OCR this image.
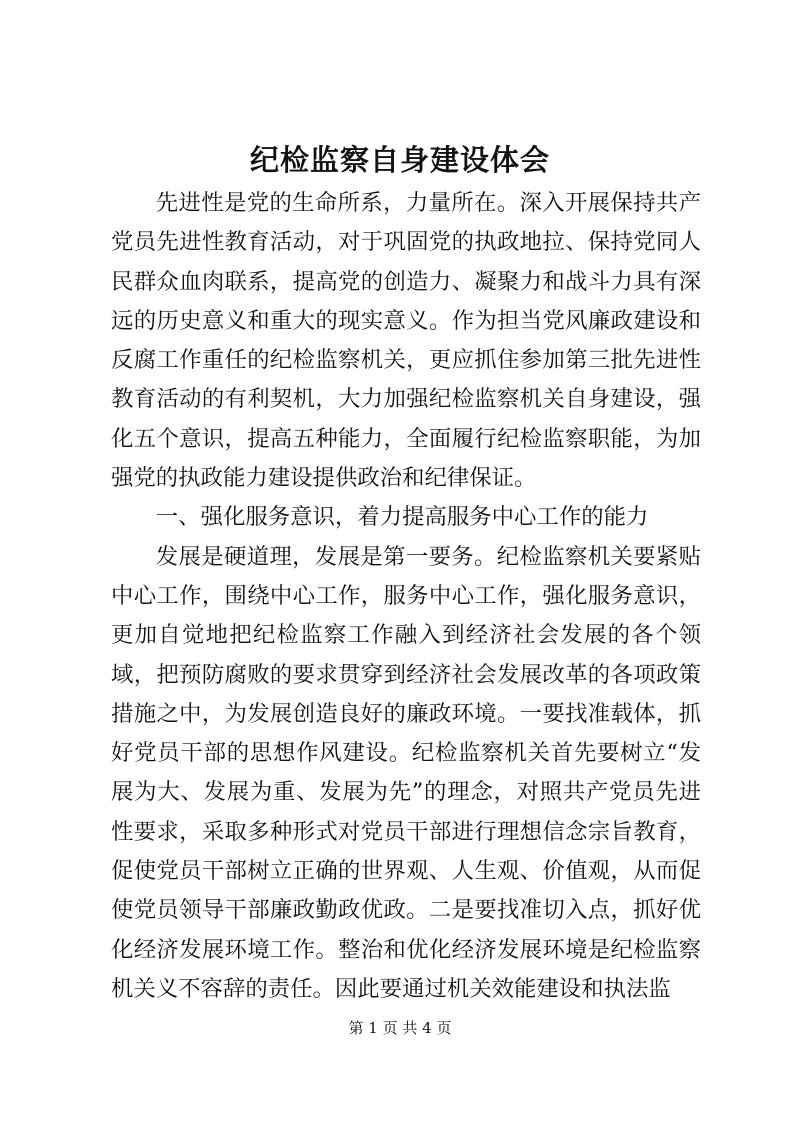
纪检监察自身建设体会

先进性是党的生命所系，力量所在。深入开展保持共产党员先进性教育活动，对于巩固党的执政地拉、保持党同人民群众血肉联系，提高党的创造力、凝聚力和战斗力具有深远的历史意义和重大的现实意义。作为担当党风廉政建设和反腐工作重任的纪检监察机关，更应抓住参加第三批先进性教育活动的有利契机，大力加强纪检监察机关自身建设，强化五个意识，提高五种能力，全面履行纪检监察职能，为加强党的执政能力建设提供政治和纪律保证。

一、强化服务意识，着力提高服务中心工作的能力

发展是硬道理，发展是第一要务。纪检监察机关要紧贴中心工作，围绕中心工作，服务中心工作，强化服务意识，更加自觉地把纪检监察工作融入到经济社会发展的各个领域，把预防腐败的要求贯穿到经济社会发展改革的各项政策措施之中，为发展创造良好的廉政环境。一要找准载体，抓好党员干部的思想作风建设。纪检监察机关首先要树立“发展为大、发展为重、发展为先”的理念，对照共产党员先进性要求，采取多种形式对党员干部进行理想信念宗旨教育，促使党员干部树立正确的世界观、人生观、价值观，从而促使党员领导干部廉政勤政优政。二是要找准切入点，抓好优化经济发展环境工作。整治和优化经济发展环境是纪检监察机关义不容辞的责任。因此要通过机关效能建设和执法监

第 1 页 共 4 页
